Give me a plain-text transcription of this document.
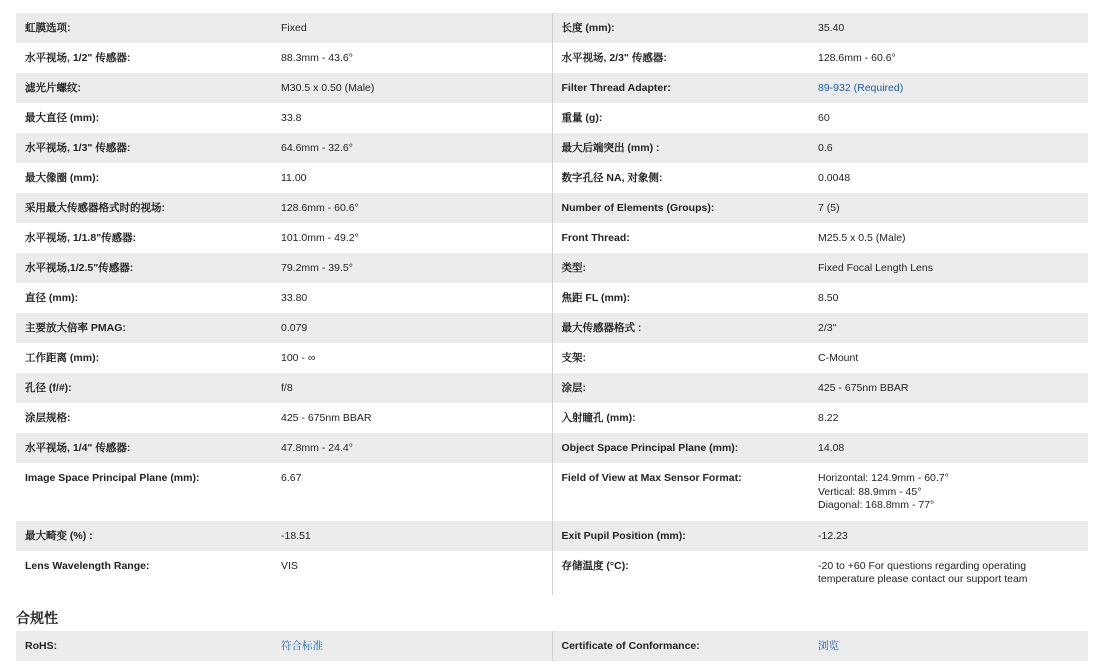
虹膜选项:	Fixed	长度 (mm):	35.40
水平视场, 1/2" 传感器:	88.3mm - 43.6°	水平视场, 2/3" 传感器:	128.6mm - 60.6°
滤光片螺纹:	M30.5 x 0.50 (Male)	Filter Thread Adapter:	89-932 (Required)
最大直径 (mm):	33.8	重量 (g):	60
水平视场, 1/3" 传感器:	64.6mm - 32.6°	最大后端突出 (mm) :	0.6
最大像圈 (mm):	11.00	数字孔径 NA, 对象侧:	0.0048
采用最大传感器格式时的视场:	128.6mm - 60.6°	Number of Elements (Groups):	7 (5)
水平视场, 1/1.8"传感器:	101.0mm - 49.2°	Front Thread:	M25.5 x 0.5 (Male)
水平视场,1/2.5"传感器:	79.2mm - 39.5°	类型:	Fixed Focal Length Lens
直径 (mm):	33.80	焦距 FL (mm):	8.50
主要放大倍率 PMAG:	0.079	最大传感器格式 :	2/3"
工作距离 (mm):	100 - ∞	支架:	C-Mount
孔径 (f/#):	f/8	涂层:	425 - 675nm BBAR
涂层规格:	425 - 675nm BBAR	入射瞳孔 (mm):	8.22
水平视场, 1/4" 传感器:	47.8mm - 24.4°	Object Space Principal Plane (mm):	14.08
Image Space Principal Plane (mm):	6.67	Field of View at Max Sensor Format:	Horizontal: 124.9mm - 60.7°
Vertical: 88.9mm - 45°
Diagonal: 168.8mm - 77°

最大畸变 (%) :	-18.51	Exit Pupil Position (mm):	-12.23
Lens Wavelength Range:	VIS	存储温度 (°C):	-20 to +60 For questions regarding operating
temperature please contact our support team
合规性
RoHS:	符合标准	Certificate of Conformance:	浏览
